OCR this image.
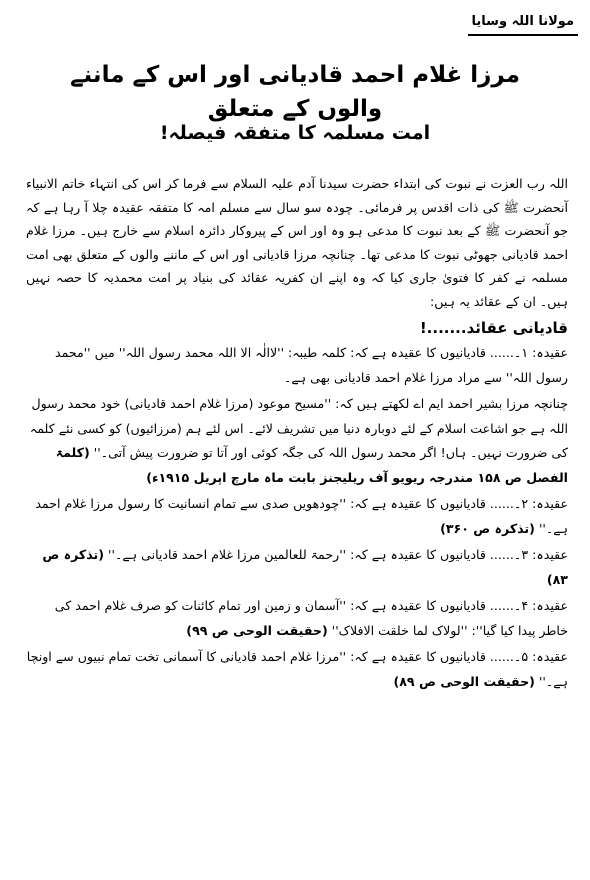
مولانا اللہ وسایا
مرزا غلام احمد قادیانی اور اس کے ماننے والوں کے متعلق
امت مسلمہ کا متفقہ فیصلہ!

اللہ رب العزت نے نبوت کی ابتداء حضرت سیدنا آدم علیہ السلام سے فرما کر اس کی انتہاء خاتم الانبیاء آنحضرت ﷺ کی ذات اقدس پر فرمائی۔ چودہ سو سال سے مسلم امہ کا متفقہ عقیدہ چلا آ رہا ہے کہ جو آنحضرت ﷺ کے بعد نبوت کا مدعی ہو وہ اور اس کے پیروکار دائرہ اسلام سے خارج ہیں۔ مرزا غلام احمد قادیانی جھوٹی نبوت کا مدعی تھا۔ چنانچہ مرزا قادیانی اور اس کے ماننے والوں کے متعلق بھی امت مسلمہ نے کفر کا فتویٰ جاری کیا کہ وہ اپنے ان کفریہ عقائد کی بنیاد پر امت محمدیہ کا حصہ نہیں ہیں۔ ان کے عقائد یہ ہیں:

قادیانی عقائد.......!
عقیدہ: ۱۔...... قادیانیوں کا عقیدہ ہے کہ: کلمہ طیبہ: ''لاالٰہ الا اللہ محمد رسول اللہ'' میں ''محمد رسول اللہ'' سے مراد مرزا غلام احمد قادیانی بھی ہے۔
چنانچہ مرزا بشیر احمد ایم اے لکھتے ہیں کہ: ''مسیح موعود (مرزا غلام احمد قادیانی) خود محمد رسول اللہ ہے جو اشاعت اسلام کے لئے دوبارہ دنیا میں تشریف لائے۔ اس لئے ہم (مرزائیوں) کو کسی نئے کلمہ کی ضرورت نہیں۔ ہاں! اگر محمد رسول اللہ کی جگہ کوئی اور آتا تو ضرورت پیش آتی۔'' (کلمۃ الفصل ص ۱۵۸ مندرجہ ریویو آف ریلیجنز بابت ماہ مارچ اپریل ۱۹۱۵ء)
عقیدہ: ۲۔...... قادیانیوں کا عقیدہ ہے کہ: ''چودھویں صدی سے تمام انسانیت کا رسول مرزا غلام احمد ہے۔'' (تذکرہ ص ۳۶۰)
عقیدہ: ۳۔...... قادیانیوں کا عقیدہ ہے کہ: ''رحمۃ للعالمین مرزا غلام احمد قادیانی ہے۔'' (تذکرہ ص ۸۳)
عقیدہ: ۴۔...... قادیانیوں کا عقیدہ ہے کہ: ''آسمان و زمین اور تمام کائنات کو صرف غلام احمد کی خاطر پیدا کیا گیا'': ''لولاک لما خلقت الافلاک'' (حقیقت الوحی ص ۹۹)
عقیدہ: ۵۔...... قادیانیوں کا عقیدہ ہے کہ: ''مرزا غلام احمد قادیانی کا آسمانی تخت تمام نبیوں سے اونچا ہے۔'' (حقیقت الوحی ص ۸۹)
